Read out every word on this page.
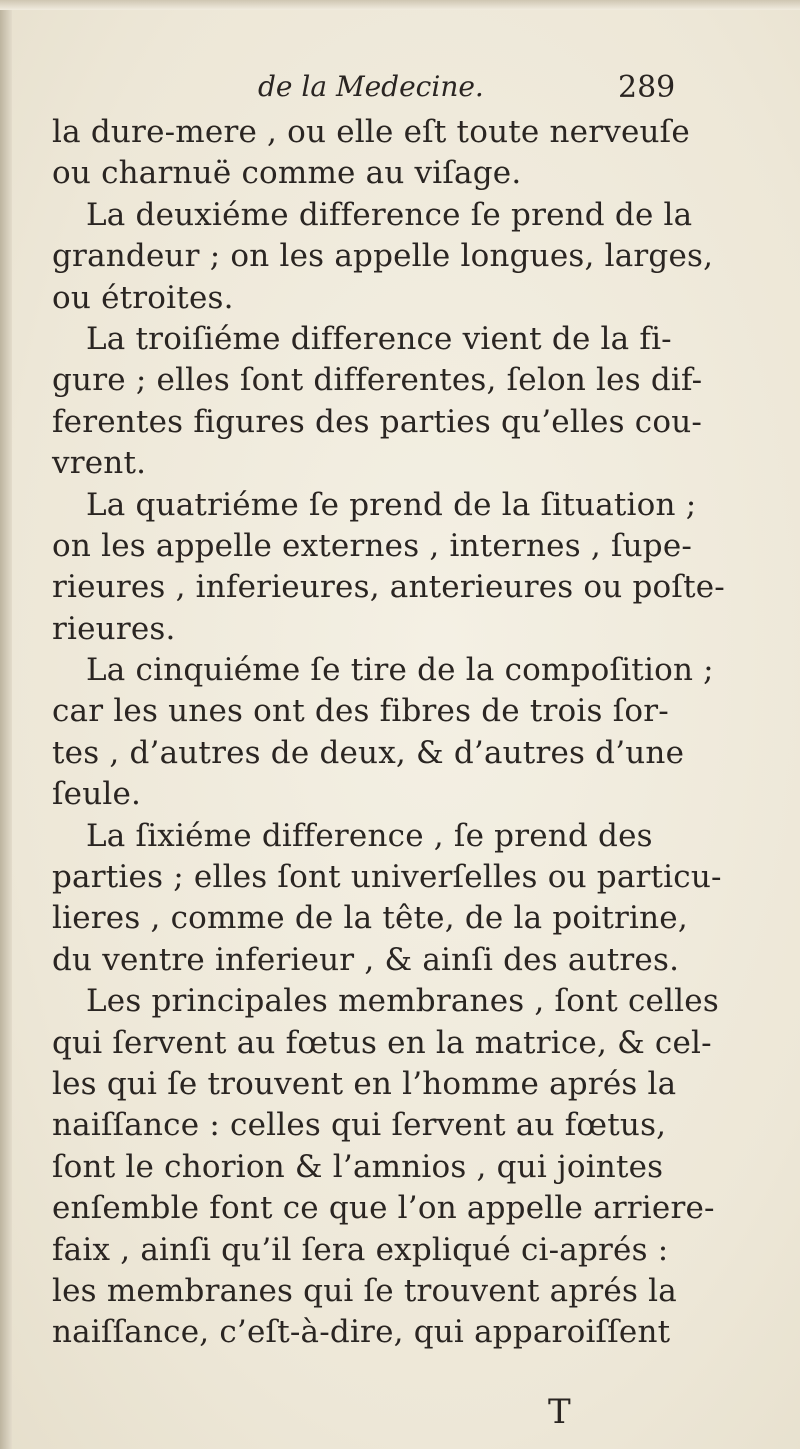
de la Medecine.	289
la dure-mere , ou elle eſt toute nerveuſe
ou charnuë comme au viſage.
La deuxiéme difference ſe prend de la
grandeur ; on les appelle longues, larges,
ou étroites.
La troiſiéme difference vient de la fi-
gure ; elles ſont differentes, ſelon les dif-
ferentes figures des parties qu’elles cou-
vrent.
La quatriéme ſe prend de la ſituation ;
on les appelle externes , internes , ſupe-
rieures , inferieures, anterieures ou poſte-
rieures.
La cinquiéme ſe tire de la compoſition ;
car les unes ont des fibres de trois ſor-
tes , d’autres de deux, & d’autres d’une
ſeule.
La ſixiéme difference , ſe prend des
parties ; elles ſont univerſelles ou particu-
lieres , comme de la tête, de la poitrine,
du ventre inferieur , & ainſi des autres.
Les principales membranes , ſont celles
qui ſervent au fœtus en la matrice, & cel-
les qui ſe trouvent en l’homme aprés la
naiſſance : celles qui ſervent au fœtus,
ſont le chorion & l’amnios , qui jointes
enſemble font ce que l’on appelle arriere-
faix , ainſi qu’il ſera expliqué ci-aprés :
les membranes qui ſe trouvent aprés la
naiſſance, c’eſt-à-dire, qui apparoiſſent
T
